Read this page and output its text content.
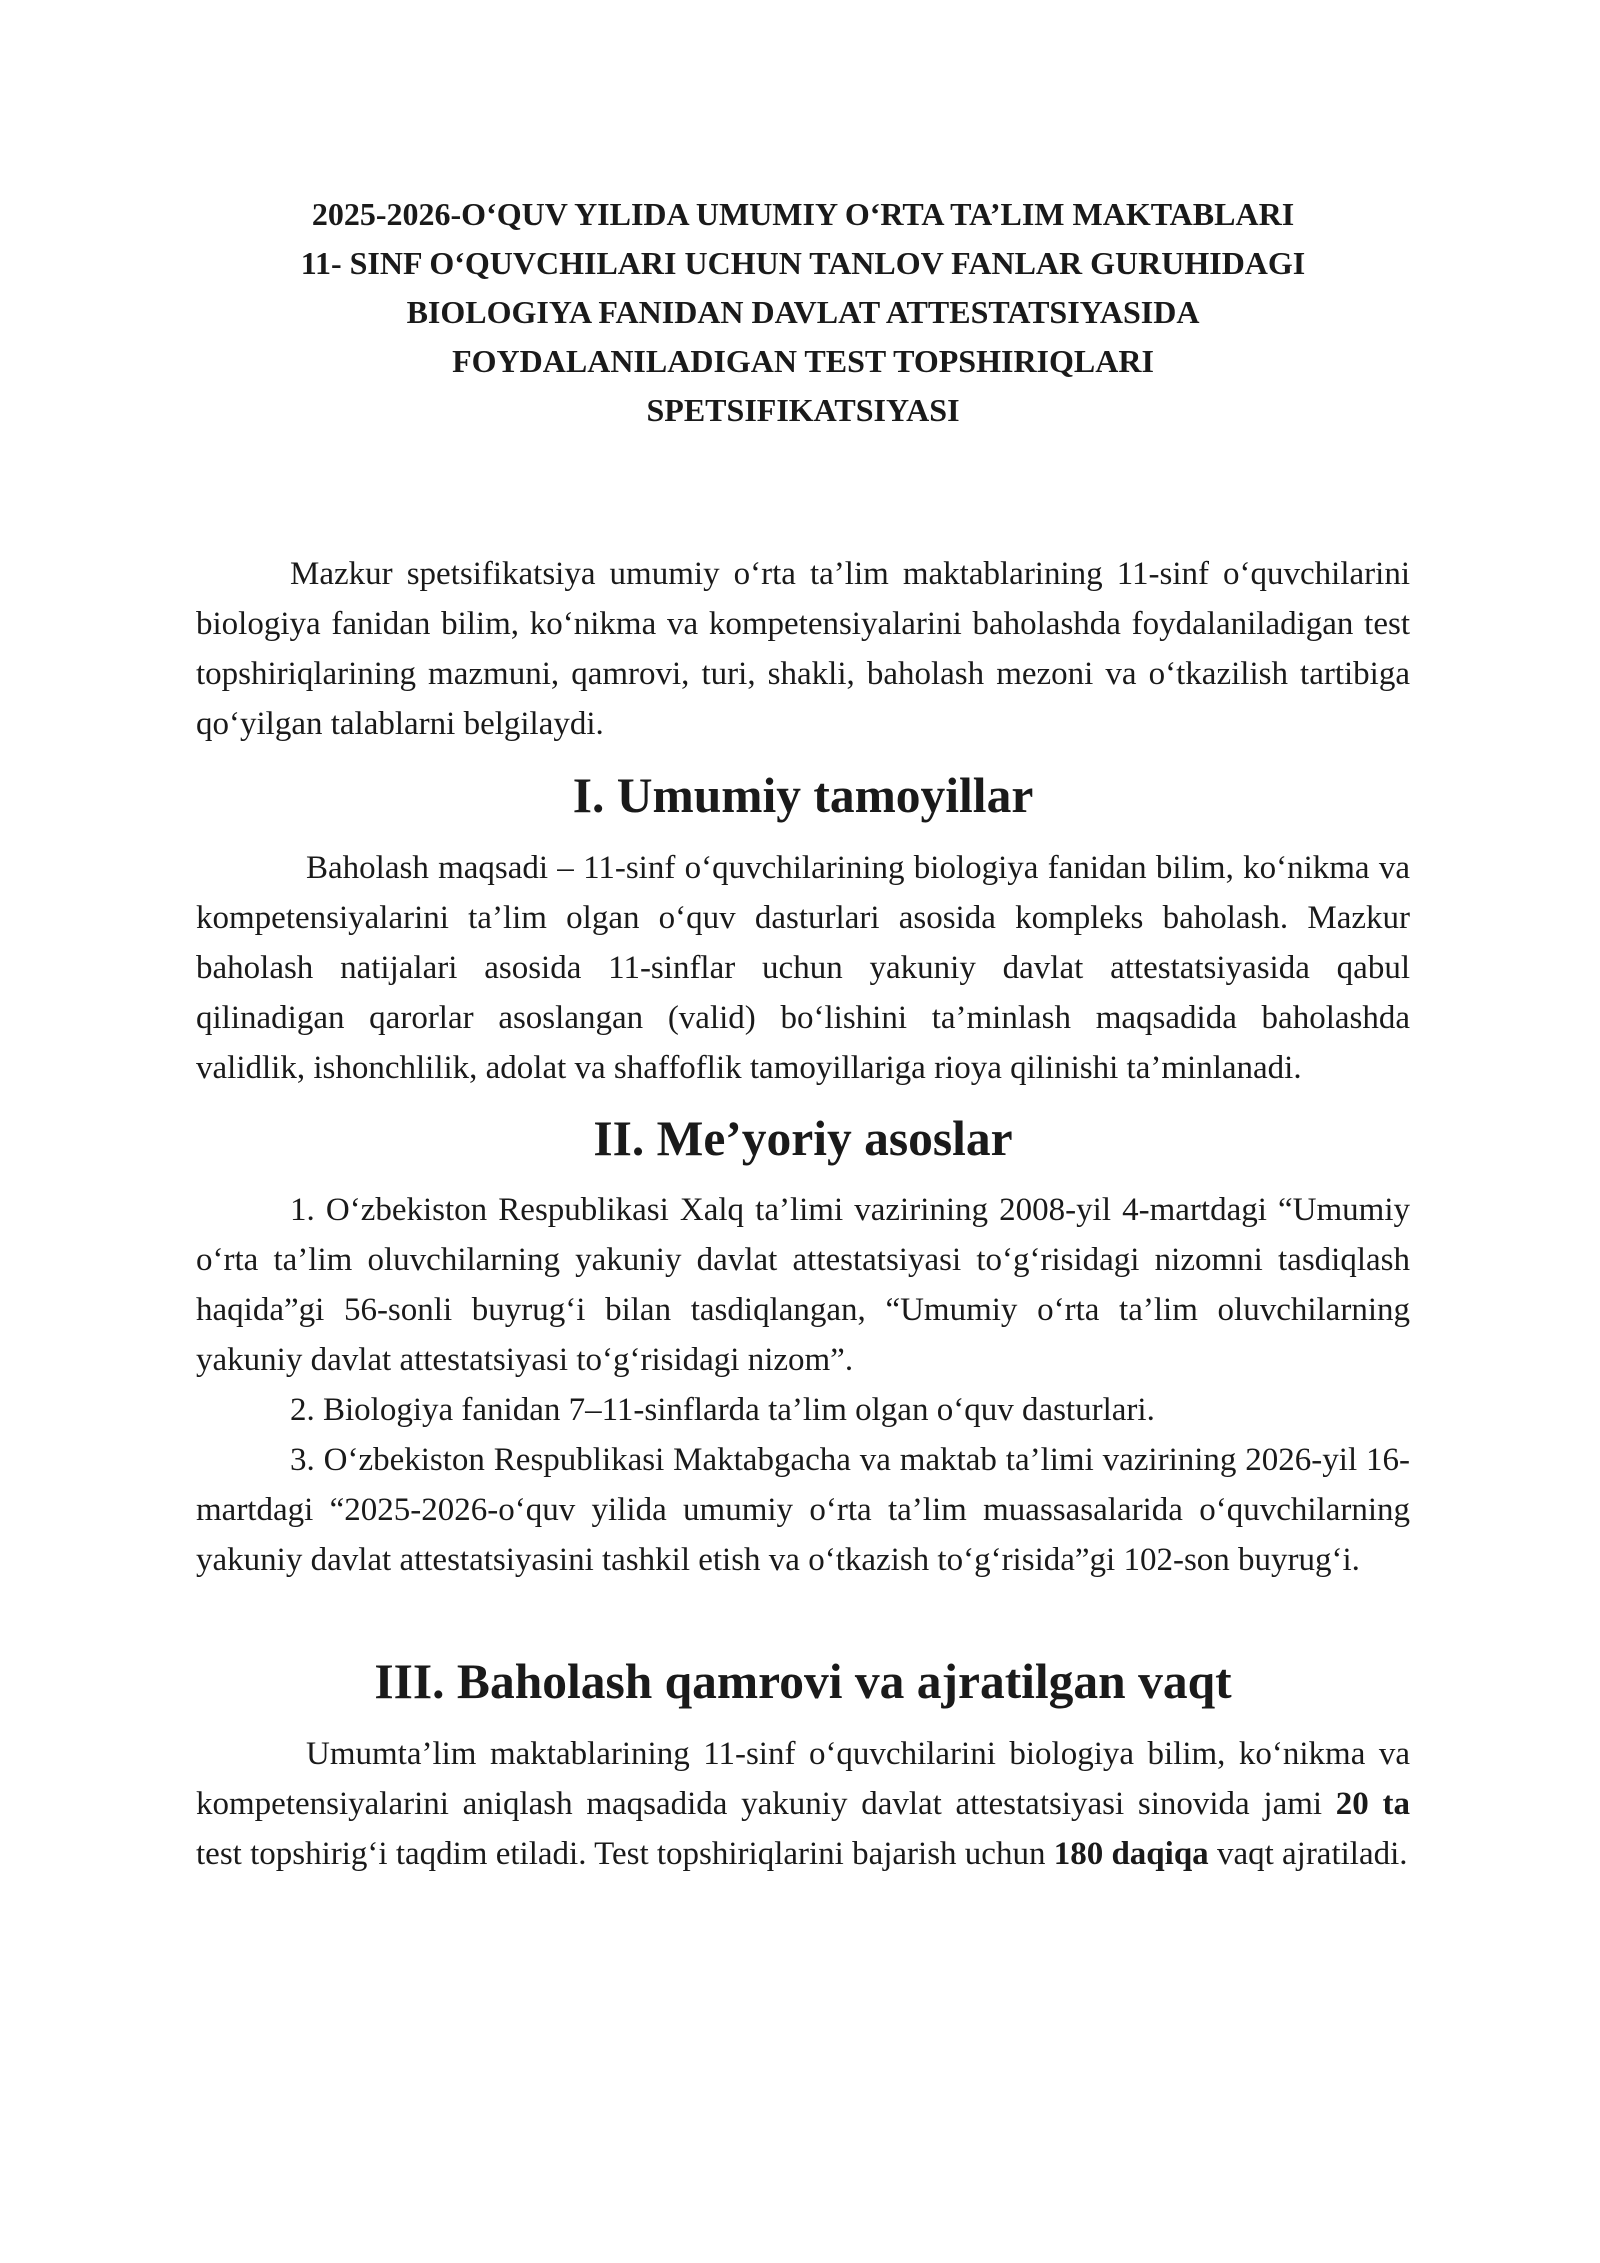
2025-2026-O‘QUV YILIDA UMUMIY O‘RTA TA’LIM MAKTABLARI
11- SINF O‘QUVCHILARI UCHUN TANLOV FANLAR GURUHIDAGI
BIOLOGIYA FANIDAN DAVLAT ATTESTATSIYASIDA
FOYDALANILADIGAN TEST TOPSHIRIQLARI
SPETSIFIKATSIYASI

Mazkur spetsifikatsiya umumiy o‘rta ta’lim maktablarining 11-sinf o‘quvchilarini biologiya fanidan bilim, ko‘nikma va kompetensiyalarini baholashda foydalaniladigan test topshiriqlarining mazmuni, qamrovi, turi, shakli, baholash mezoni va o‘tkazilish tartibiga qo‘yilgan talablarni belgilaydi.

I. Umumiy tamoyillar

Baholash maqsadi – 11-sinf o‘quvchilarining biologiya fanidan bilim, ko‘nikma va kompetensiyalarini ta’lim olgan o‘quv dasturlari asosida kompleks baholash. Mazkur baholash natijalari asosida 11-sinflar uchun yakuniy davlat attestatsiyasida qabul qilinadigan qarorlar asoslangan (valid) bo‘lishini ta’minlash maqsadida baholashda validlik, ishonchlilik, adolat va shaffoflik tamoyillariga rioya qilinishi ta’minlanadi.

II. Me’yoriy asoslar

1. O‘zbekiston Respublikasi Xalq ta’limi vazirining 2008-yil 4-martdagi “Umumiy o‘rta ta’lim oluvchilarning yakuniy davlat attestatsiyasi to‘g‘risidagi nizomni tasdiqlash haqida”gi 56-sonli buyrug‘i bilan tasdiqlangan, “Umumiy o‘rta ta’lim oluvchilarning yakuniy davlat attestatsiyasi to‘g‘risidagi nizom”.

2. Biologiya fanidan 7–11-sinflarda ta’lim olgan o‘quv dasturlari.

3. O‘zbekiston Respublikasi Maktabgacha va maktab ta’limi vazirining 2026-yil 16-martdagi “2025-2026-o‘quv yilida umumiy o‘rta ta’lim muassasalarida o‘quvchilarning yakuniy davlat attestatsiyasini tashkil etish va o‘tkazish to‘g‘risida”gi 102-son buyrug‘i.

III. Baholash qamrovi va ajratilgan vaqt

Umumta’lim maktablarining 11-sinf o‘quvchilarini biologiya bilim, ko‘nikma va kompetensiyalarini aniqlash maqsadida yakuniy davlat attestatsiyasi sinovida jami 20 ta test topshirig‘i taqdim etiladi. Test topshiriqlarini bajarish uchun 180 daqiqa vaqt ajratiladi.
